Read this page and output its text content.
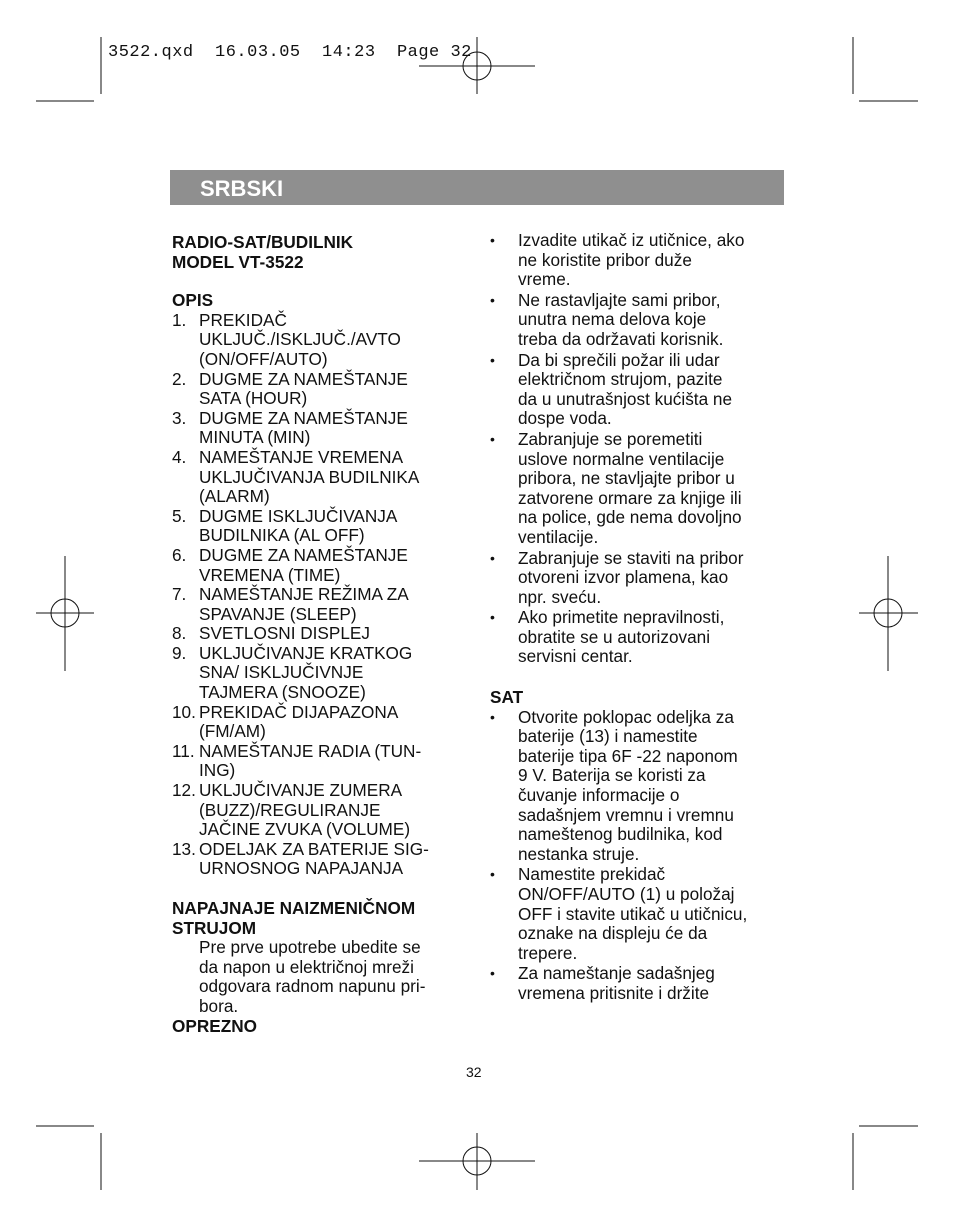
3522.qxd  16.03.05  14:23  Page 32
SRBSKI
RADIO-SAT/BUDILNIK
MODEL VT-3522
OPIS
1. PREKIDAČ
UKLJUČ./ISKLJUČ./AVTO
(ON/OFF/AUTO)
2. DUGME ZA NAMEŠTANJE
SATA (HOUR)
3. DUGME ZA NAMEŠTANJE
MINUTA (MIN)
4. NAMEŠTANJE VREMENA
UKLJUČIVANJA BUDILNIKA
(ALARM)
5. DUGME ISKLJUČIVANJA
BUDILNIKA (AL OFF)
6. DUGME ZA NAMEŠTANJE
VREMENA (TIME)
7. NAMEŠTANJE REŽIMA ZA
SPAVANJE (SLEEP)
8. SVETLOSNI DISPLEJ
9. UKLJUČIVANJE KRATKOG
SNA/ ISKLJUČIVNJE
TAJMERA (SNOOZE)
10. PREKIDAČ DIJAPAZONA
(FM/AM)
11. NAMEŠTANJE RADIA (TUN-
ING)
12. UKLJUČIVANJE ZUMERA
(BUZZ)/REGULIRANJE
JAČINE ZVUKA (VOLUME)
13. ODELJAK ZA BATERIJE SIG-
URNOSNOG NAPAJANJA
NAPAJNAJE NAIZMENIČNOM
STRUJOM
Pre prve upotrebe ubedite se
da napon u električnoj mreži
odgovara radnom napunu pri-
bora.
OPREZNO
•	Izvadite utikač iz utičnice, ako
ne koristite pribor duže
vreme.
•	Ne rastavljajte sami pribor,
unutra nema delova koje
treba da održavati korisnik.
•	Da bi sprečili požar ili udar
električnom strujom, pazite
da u unutrašnjost kućišta ne
dospe voda.
•	Zabranjuje se poremetiti
uslove normalne ventilacije
pribora, ne stavljajte pribor u
zatvorene ormare za knjige ili
na police, gde nema dovoljno
ventilacije.
•	Zabranjuje se staviti na pribor
otvoreni izvor plamena, kao
npr. sveću.
•	Ako primetite nepravilnosti,
obratite se u autorizovani
servisni centar.
SAT
•	Otvorite poklopac odeljka za
baterije (13) i namestite
baterije tipa 6F -22 naponom
9 V. Baterija se koristi za
čuvanje informacije o
sadašnjem vremnu i vremnu
nameštenog budilnika, kod
nestanka struje.
•	Namestite prekidač
ON/OFF/AUTO (1) u položaj
OFF i stavite utikač u utičnicu,
oznake na displeju će da
trepere.
•	Za nameštanje sadašnjeg
vremena pritisnite i držite
32
